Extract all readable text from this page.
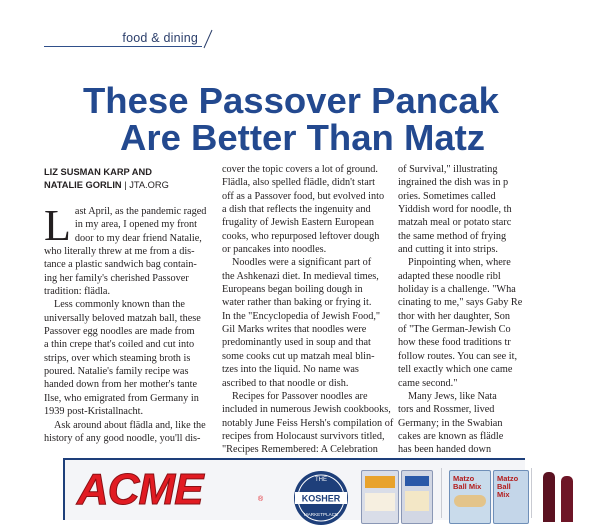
food & dining
These Passover Pancak
Are Better Than Matz
LIZ SUSMAN KARP AND
NATALIE GORLIN | JTA.ORG
L ast April, as the pandemic raged
in my area, I opened my front
door to my dear friend Natalie,
who literally threw at me from a dis-
tance a plastic sandwich bag contain-
ing her family's cherished Passover
tradition: flädla.
Less commonly known than the
universally beloved matzah ball, these
Passover egg noodles are made from
a thin crepe that's coiled and cut into
strips, over which steaming broth is
poured. Natalie's family recipe was
handed down from her mother's tante
Ilse, who emigrated from Germany in
1939 post-Kristallnacht.
Ask around about flädla and, like the
history of any good noodle, you'll dis-
cover the topic covers a lot of ground.
Flädla, also spelled flädle, didn't start
off as a Passover food, but evolved into
a dish that reflects the ingenuity and
frugality of Jewish Eastern European
cooks, who repurposed leftover dough
or pancakes into noodles.
Noodles were a significant part of
the Ashkenazi diet. In medieval times,
Europeans began boiling dough in
water rather than baking or frying it.
In the "Encyclopedia of Jewish Food,"
Gil Marks writes that noodles were
predominantly used in soup and that
some cooks cut up matzah meal blin-
tzes into the liquid. No name was
ascribed to that noodle or dish.
Recipes for Passover noodles are
included in numerous Jewish cookbooks,
notably June Feiss Hersh's compilation of
recipes from Holocaust survivors titled,
"Recipes Remembered: A Celebration
of Survival," illustrating
ingrained the dish was in p
ories. Sometimes called
Yiddish word for noodle, th
matzah meal or potato starc
the same method of frying
and cutting it into strips.
Pinpointing when, where
adapted these noodle ribl
holiday is a challenge. "Wha
cinating to me," says Gaby Re
thor with her daughter, Son
of "The German-Jewish Co
how these food traditions tr
follow routes. You can see it,
tell exactly which one came
came second."
Many Jews, like Nata
tors and Rossmer, lived
Germany; in the Swabian
cakes are known as flädle
has been handed down
ACME	®
THE
KOSHER
MARKETPLACE
Matzo Ball Mix
Matzo Ball Mix
